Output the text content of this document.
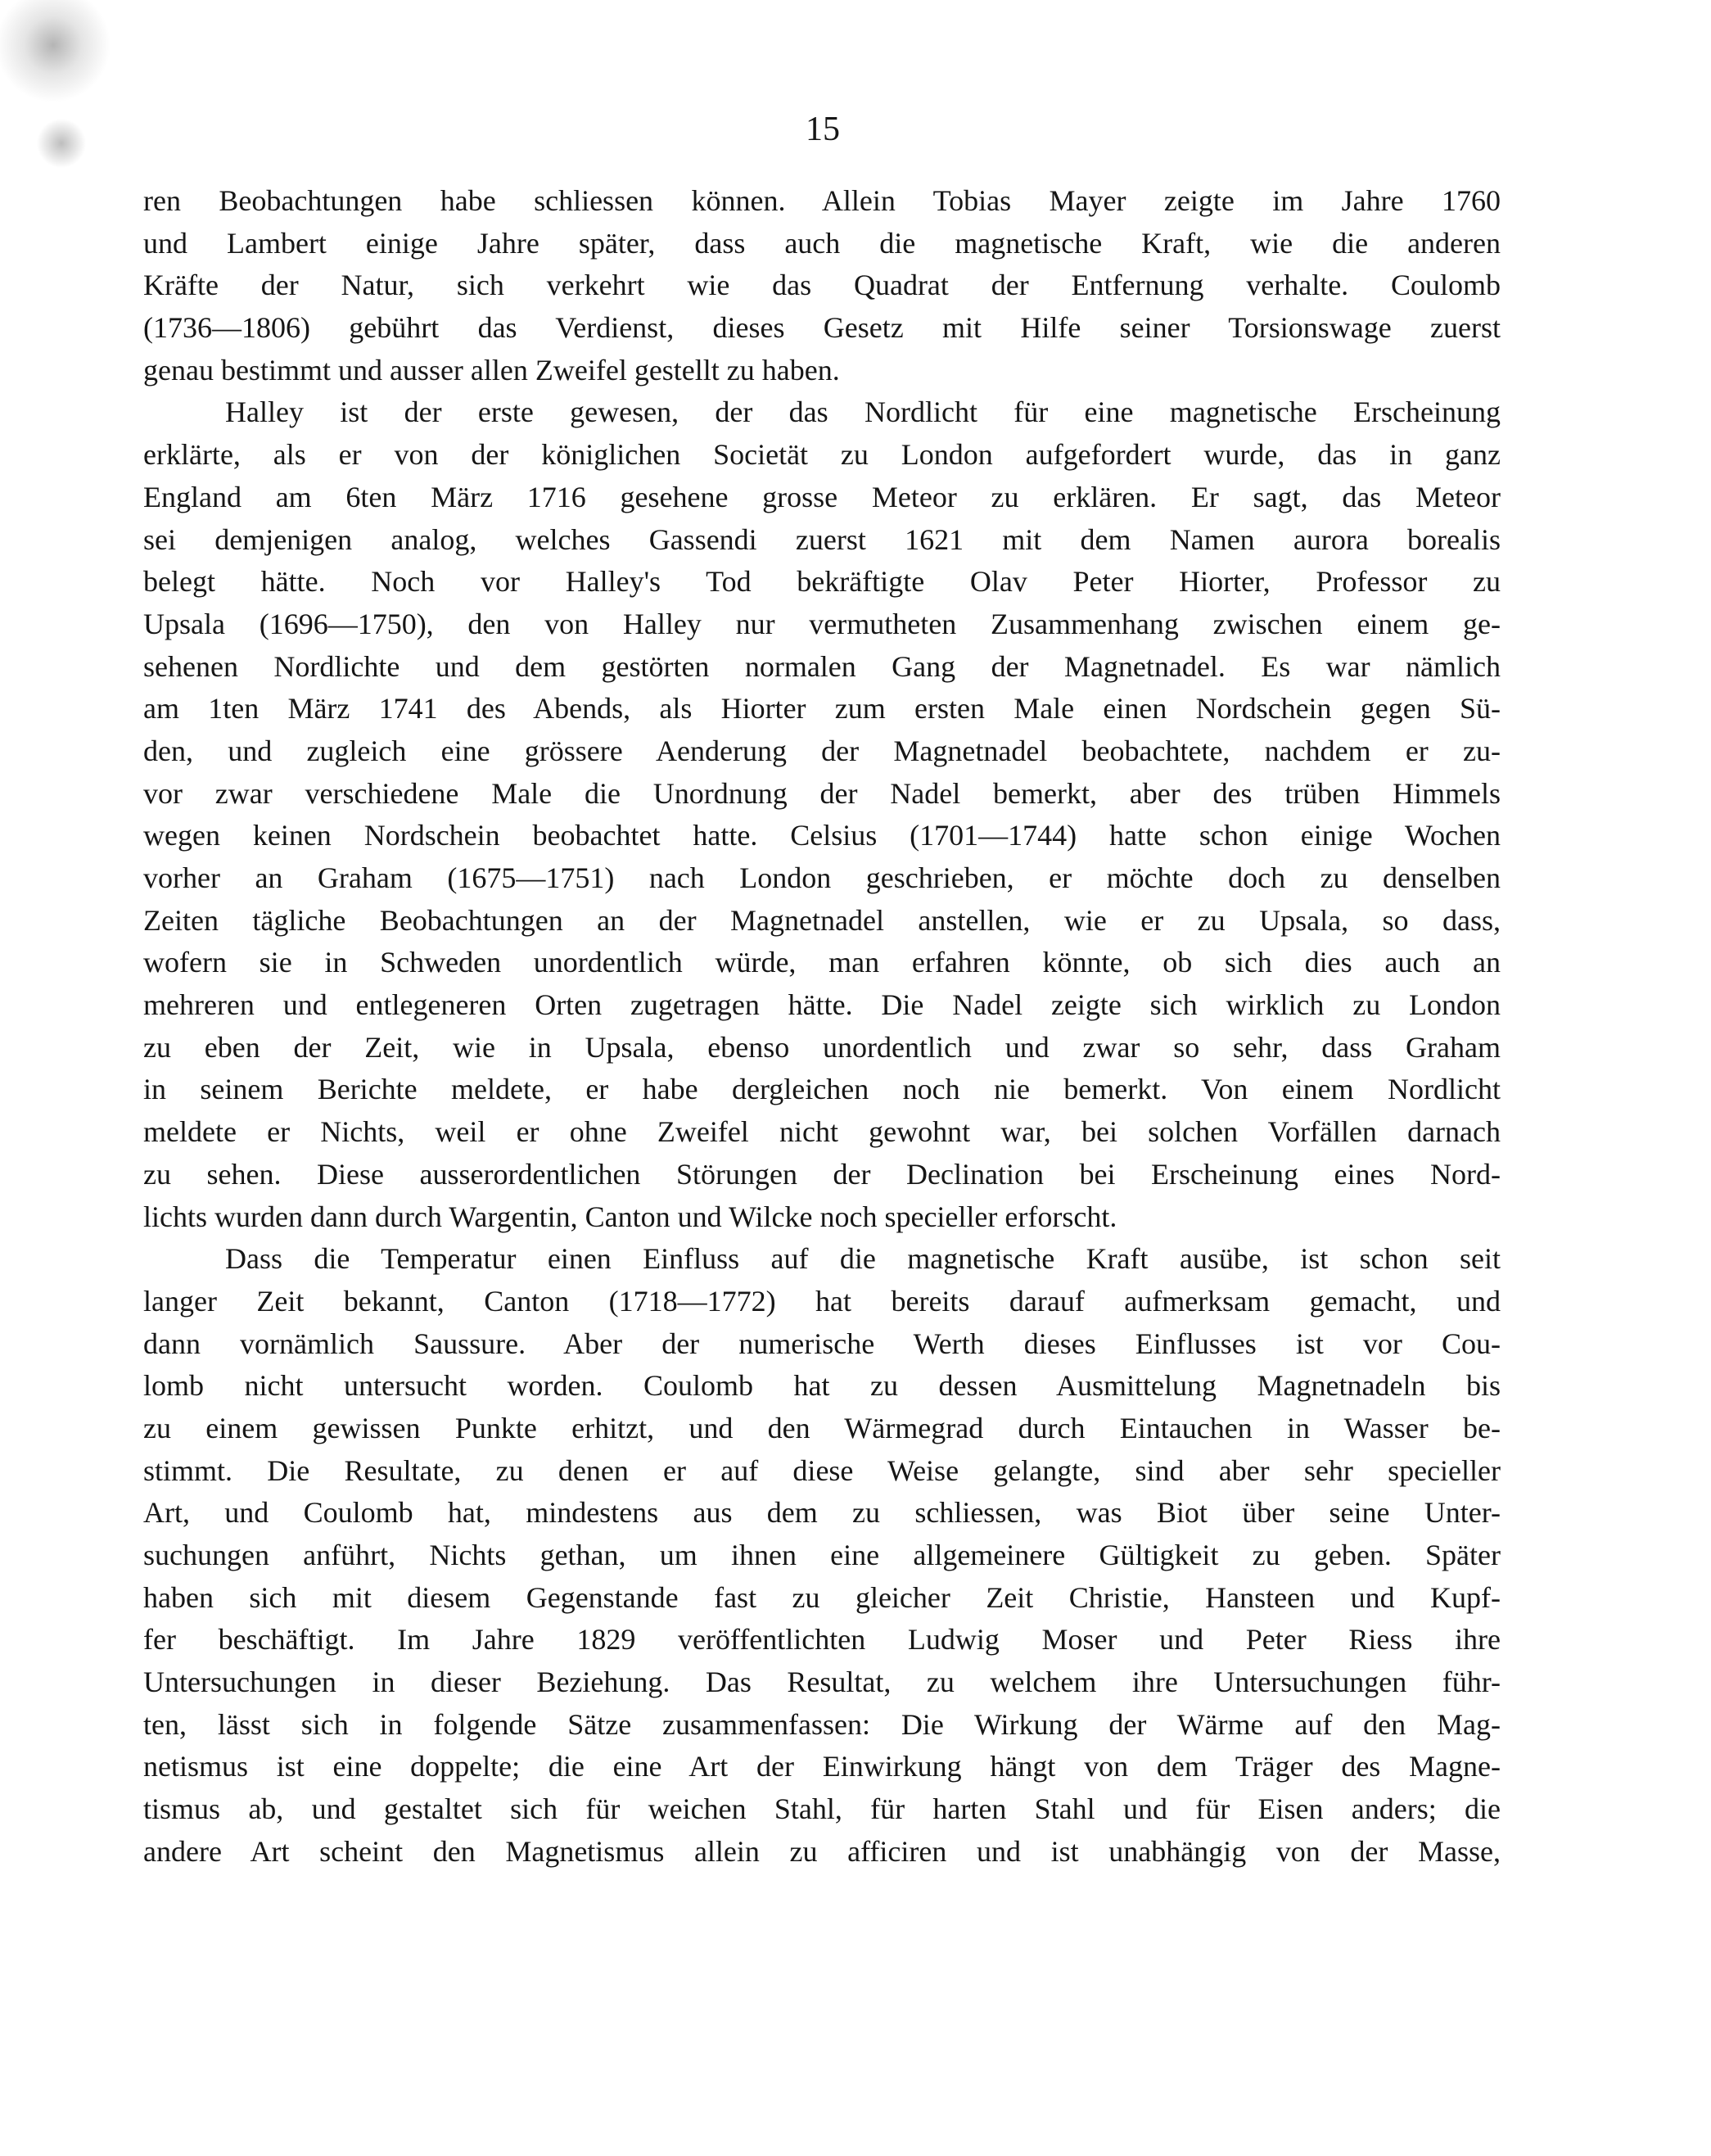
15
ren Beobachtungen habe schliessen können. Allein Tobias Mayer zeigte im Jahre 1760
und Lambert einige Jahre später, dass auch die magnetische Kraft, wie die anderen
Kräfte der Natur, sich verkehrt wie das Quadrat der Entfernung verhalte. Coulomb
(1736—1806) gebührt das Verdienst, dieses Gesetz mit Hilfe seiner Torsionswage zuerst
genau bestimmt und ausser allen Zweifel gestellt zu haben.
Halley ist der erste gewesen, der das Nordlicht für eine magnetische Erscheinung
erklärte, als er von der königlichen Societät zu London aufgefordert wurde, das in ganz
England am 6ten März 1716 gesehene grosse Meteor zu erklären. Er sagt, das Meteor
sei demjenigen analog, welches Gassendi zuerst 1621 mit dem Namen aurora borealis
belegt hätte. Noch vor Halley's Tod bekräftigte Olav Peter Hiorter, Professor zu
Upsala (1696—1750), den von Halley nur vermutheten Zusammenhang zwischen einem ge-
sehenen Nordlichte und dem gestörten normalen Gang der Magnetnadel. Es war nämlich
am 1ten März 1741 des Abends, als Hiorter zum ersten Male einen Nordschein gegen Sü-
den, und zugleich eine grössere Aenderung der Magnetnadel beobachtete, nachdem er zu-
vor zwar verschiedene Male die Unordnung der Nadel bemerkt, aber des trüben Himmels
wegen keinen Nordschein beobachtet hatte. Celsius (1701—1744) hatte schon einige Wochen
vorher an Graham (1675—1751) nach London geschrieben, er möchte doch zu denselben
Zeiten tägliche Beobachtungen an der Magnetnadel anstellen, wie er zu Upsala, so dass,
wofern sie in Schweden unordentlich würde, man erfahren könnte, ob sich dies auch an
mehreren und entlegeneren Orten zugetragen hätte. Die Nadel zeigte sich wirklich zu London
zu eben der Zeit, wie in Upsala, ebenso unordentlich und zwar so sehr, dass Graham
in seinem Berichte meldete, er habe dergleichen noch nie bemerkt. Von einem Nordlicht
meldete er Nichts, weil er ohne Zweifel nicht gewohnt war, bei solchen Vorfällen darnach
zu sehen. Diese ausserordentlichen Störungen der Declination bei Erscheinung eines Nord-
lichts wurden dann durch Wargentin, Canton und Wilcke noch specieller erforscht.
Dass die Temperatur einen Einfluss auf die magnetische Kraft ausübe, ist schon seit
langer Zeit bekannt, Canton (1718—1772) hat bereits darauf aufmerksam gemacht, und
dann vornämlich Saussure. Aber der numerische Werth dieses Einflusses ist vor Cou-
lomb nicht untersucht worden. Coulomb hat zu dessen Ausmittelung Magnetnadeln bis
zu einem gewissen Punkte erhitzt, und den Wärmegrad durch Eintauchen in Wasser be-
stimmt. Die Resultate, zu denen er auf diese Weise gelangte, sind aber sehr specieller
Art, und Coulomb hat, mindestens aus dem zu schliessen, was Biot über seine Unter-
suchungen anführt, Nichts gethan, um ihnen eine allgemeinere Gültigkeit zu geben. Später
haben sich mit diesem Gegenstande fast zu gleicher Zeit Christie, Hansteen und Kupf-
fer beschäftigt. Im Jahre 1829 veröffentlichten Ludwig Moser und Peter Riess ihre
Untersuchungen in dieser Beziehung. Das Resultat, zu welchem ihre Untersuchungen führ-
ten, lässt sich in folgende Sätze zusammenfassen: Die Wirkung der Wärme auf den Mag-
netismus ist eine doppelte; die eine Art der Einwirkung hängt von dem Träger des Magne-
tismus ab, und gestaltet sich für weichen Stahl, für harten Stahl und für Eisen anders; die
andere Art scheint den Magnetismus allein zu afficiren und ist unabhängig von der Masse,
